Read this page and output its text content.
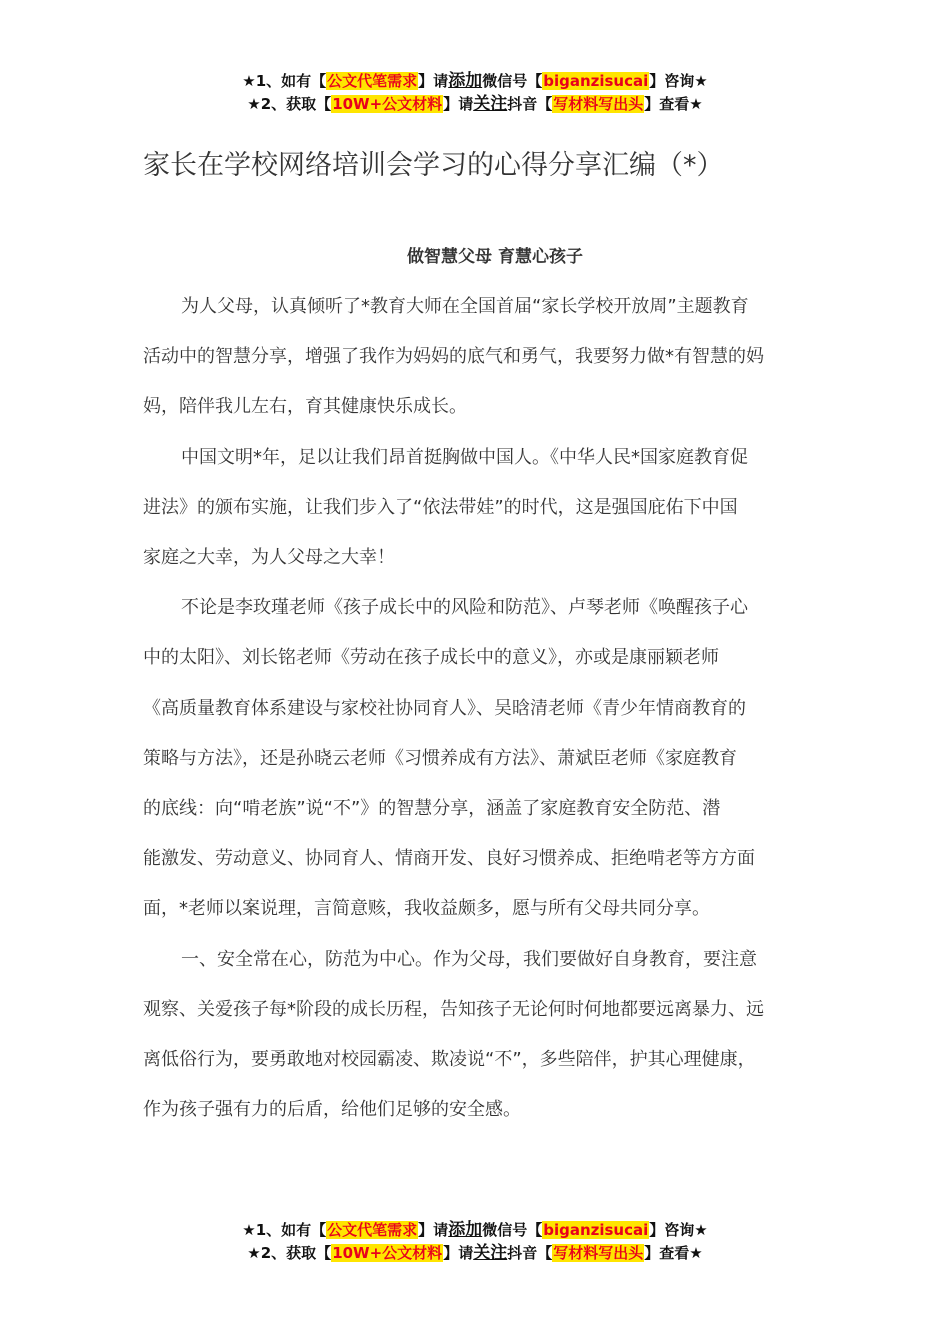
★1、如有【公文代笔需求】请添加微信号【biganzisucai】咨询★
★2、获取【10W+公文材料】请关注抖音【写材料写出头】查看★
家长在学校网络培训会学习的心得分享汇编（*）
做智慧父母 育慧心孩子

为人父母，认真倾听了*教育大师在全国首届“家长学校开放周”主题教育
活动中的智慧分享，增强了我作为妈妈的底气和勇气，我要努力做*有智慧的妈
妈，陪伴我儿左右，育其健康快乐成长。

中国文明*年，足以让我们昂首挺胸做中国人。《中华人民*国家庭教育促
进法》的颁布实施，让我们步入了“依法带娃”的时代，这是强国庇佑下中国
家庭之大幸，为人父母之大幸！

不论是李玫瑾老师《孩子成长中的风险和防范》、卢琴老师《唤醒孩子心
中的太阳》、刘长铭老师《劳动在孩子成长中的意义》，亦或是康丽颖老师
《高质量教育体系建设与家校社协同育人》、吴晗清老师《青少年情商教育的
策略与方法》，还是孙晓云老师《习惯养成有方法》、萧斌臣老师《家庭教育
的底线：向“啃老族”说“不”》的智慧分享，涵盖了家庭教育安全防范、潜
能激发、劳动意义、协同育人、情商开发、良好习惯养成、拒绝啃老等方方面
面，*老师以案说理，言简意赅，我收益颇多，愿与所有父母共同分享。

一、安全常在心，防范为中心。作为父母，我们要做好自身教育，要注意
观察、关爱孩子每*阶段的成长历程，告知孩子无论何时何地都要远离暴力、远
离低俗行为，要勇敢地对校园霸凌、欺凌说“不”，多些陪伴，护其心理健康，
作为孩子强有力的后盾，给他们足够的安全感。

★1、如有【公文代笔需求】请添加微信号【biganzisucai】咨询★
★2、获取【10W+公文材料】请关注抖音【写材料写出头】查看★
